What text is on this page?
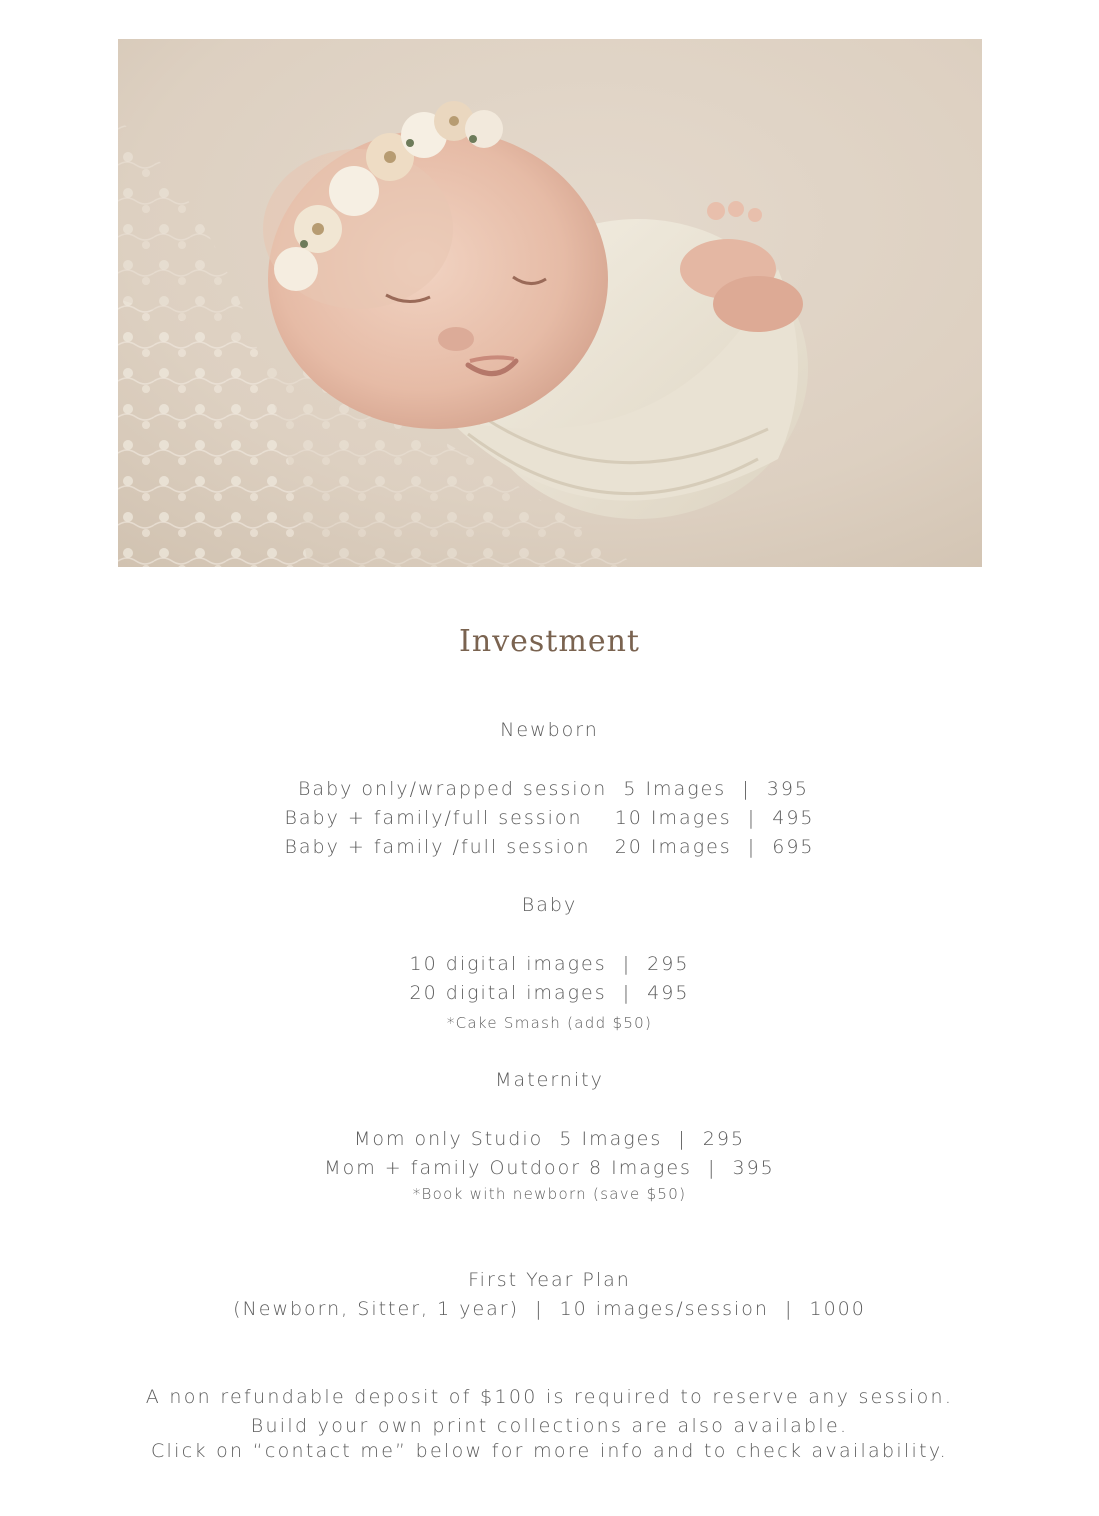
Investment
Newborn
Baby only/wrapped session  5 Images  |  395
Baby + family/full session    10 Images  |  495
Baby + family /full session   20 Images  |  695
Baby
10 digital images  |  295
20 digital images  |  495
*Cake Smash (add $50)
Maternity
Mom only Studio  5 Images  |  295
Mom + family Outdoor 8 Images  |  395
*Book with newborn (save $50)
First Year Plan
(Newborn, Sitter, 1 year)  |  10 images/session  |  1000
A non refundable deposit of $100 is required to reserve any session.
Build your own print collections are also available.
Click on “contact me” below for more info and to check availability.
